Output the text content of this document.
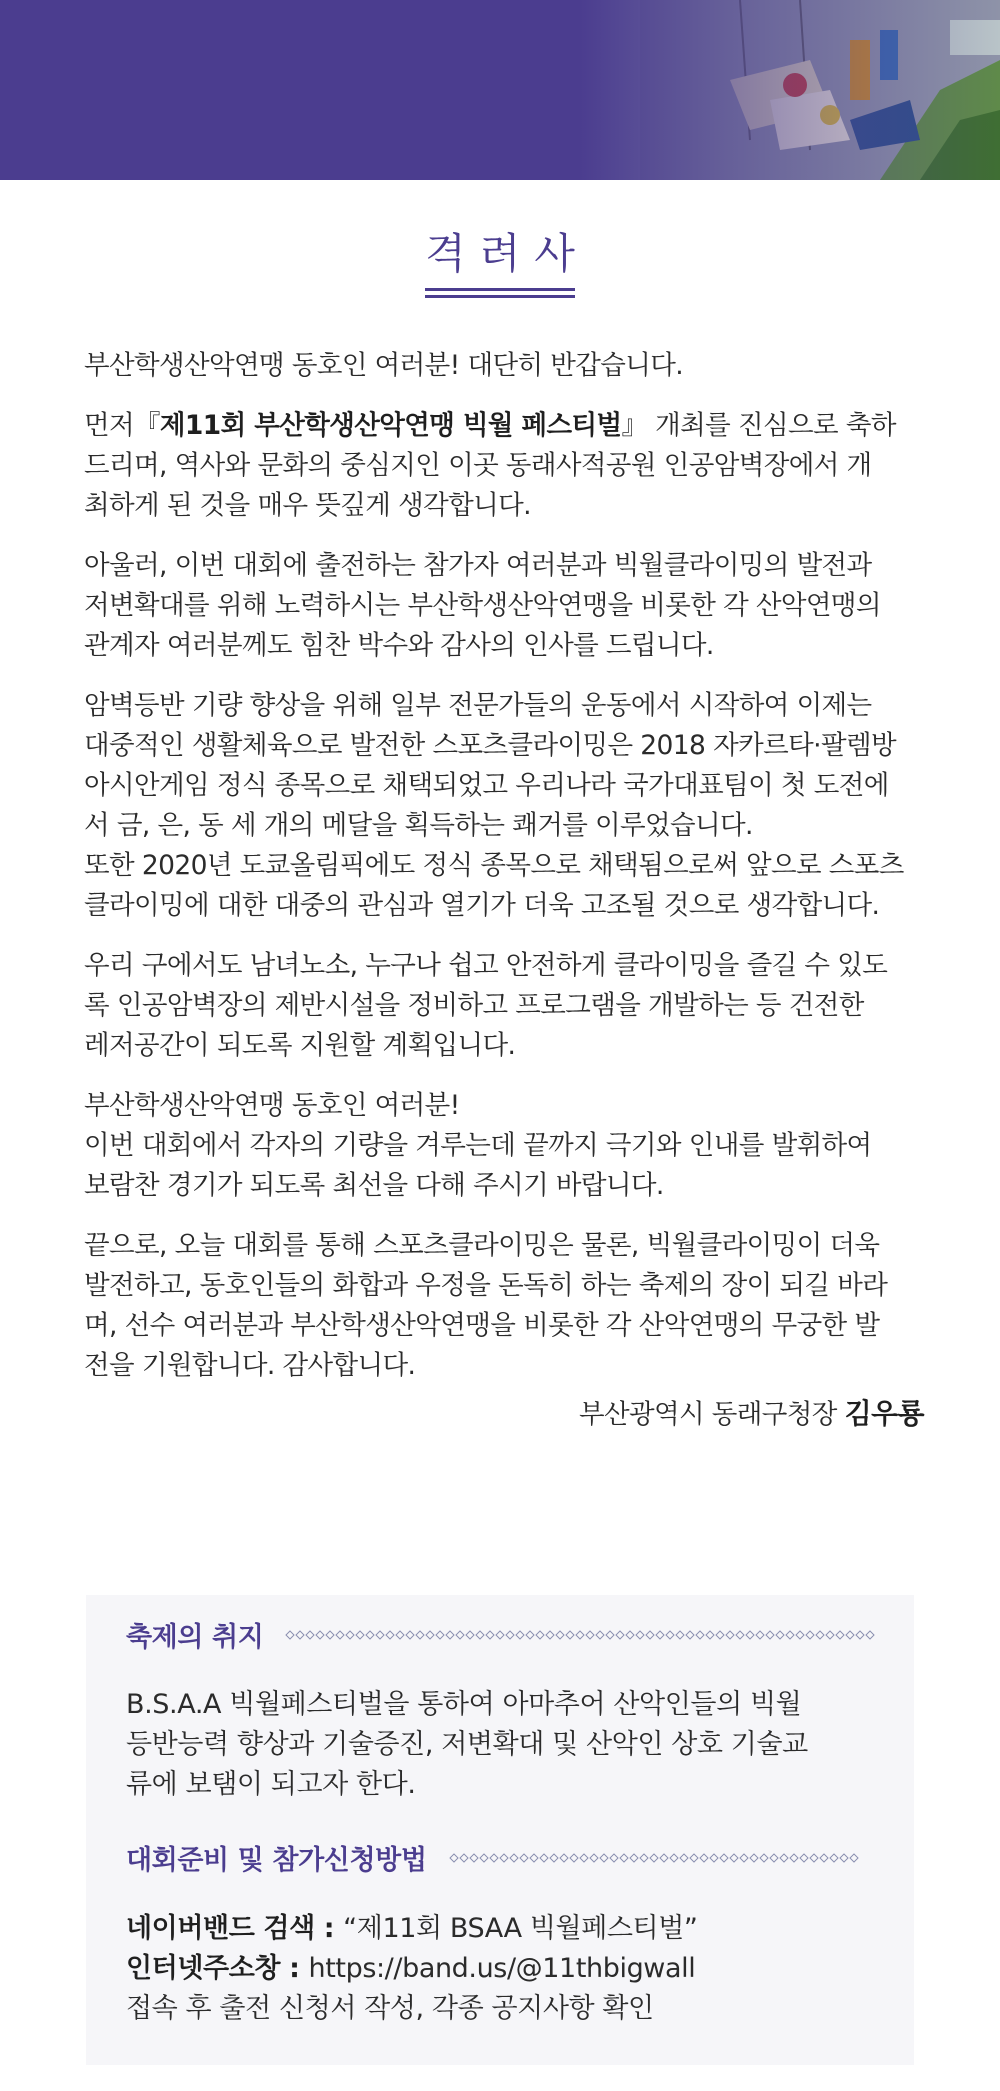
격려사

부산학생산악연맹 동호인 여러분! 대단히 반갑습니다.

먼저『제11회 부산학생산악연맹 빅월 페스티벌』 개최를 진심으로 축하
드리며, 역사와 문화의 중심지인 이곳 동래사적공원 인공암벽장에서 개
최하게 된 것을 매우 뜻깊게 생각합니다.

아울러, 이번 대회에 출전하는 참가자 여러분과 빅월클라이밍의 발전과
저변확대를 위해 노력하시는 부산학생산악연맹을 비롯한 각 산악연맹의
관계자 여러분께도 힘찬 박수와 감사의 인사를 드립니다.

암벽등반 기량 향상을 위해 일부 전문가들의 운동에서 시작하여 이제는
대중적인 생활체육으로 발전한 스포츠클라이밍은 2018 자카르타·팔렘방
아시안게임 정식 종목으로 채택되었고 우리나라 국가대표팀이 첫 도전에
서 금, 은, 동 세 개의 메달을 획득하는 쾌거를 이루었습니다.
또한 2020년 도쿄올림픽에도 정식 종목으로 채택됨으로써 앞으로 스포츠
클라이밍에 대한 대중의 관심과 열기가 더욱 고조될 것으로 생각합니다.

우리 구에서도 남녀노소, 누구나 쉽고 안전하게 클라이밍을 즐길 수 있도
록 인공암벽장의 제반시설을 정비하고 프로그램을 개발하는 등 건전한
레저공간이 되도록 지원할 계획입니다.

부산학생산악연맹 동호인 여러분!
이번 대회에서 각자의 기량을 겨루는데 끝까지 극기와 인내를 발휘하여
보람찬 경기가 되도록 최선을 다해 주시기 바랍니다.

끝으로, 오늘 대회를 통해 스포츠클라이밍은 물론, 빅월클라이밍이 더욱
발전하고, 동호인들의 화합과 우정을 돈독히 하는 축제의 장이 되길 바라
며, 선수 여러분과 부산학생산악연맹을 비롯한 각 산악연맹의 무궁한 발
전을 기원합니다. 감사합니다.

부산광역시 동래구청장 김우룡
축제의 취지
B.S.A.A 빅월페스티벌을 통하여 아마추어 산악인들의 빅월
등반능력 향상과 기술증진, 저변확대 및 산악인 상호 기술교
류에 보탬이 되고자 한다.
대회준비 및 참가신청방법
네이버밴드 검색 : “제11회 BSAA 빅월페스티벌”
인터넷주소창 : https://band.us/@11thbigwall
접속 후 출전 신청서 작성, 각종 공지사항 확인
